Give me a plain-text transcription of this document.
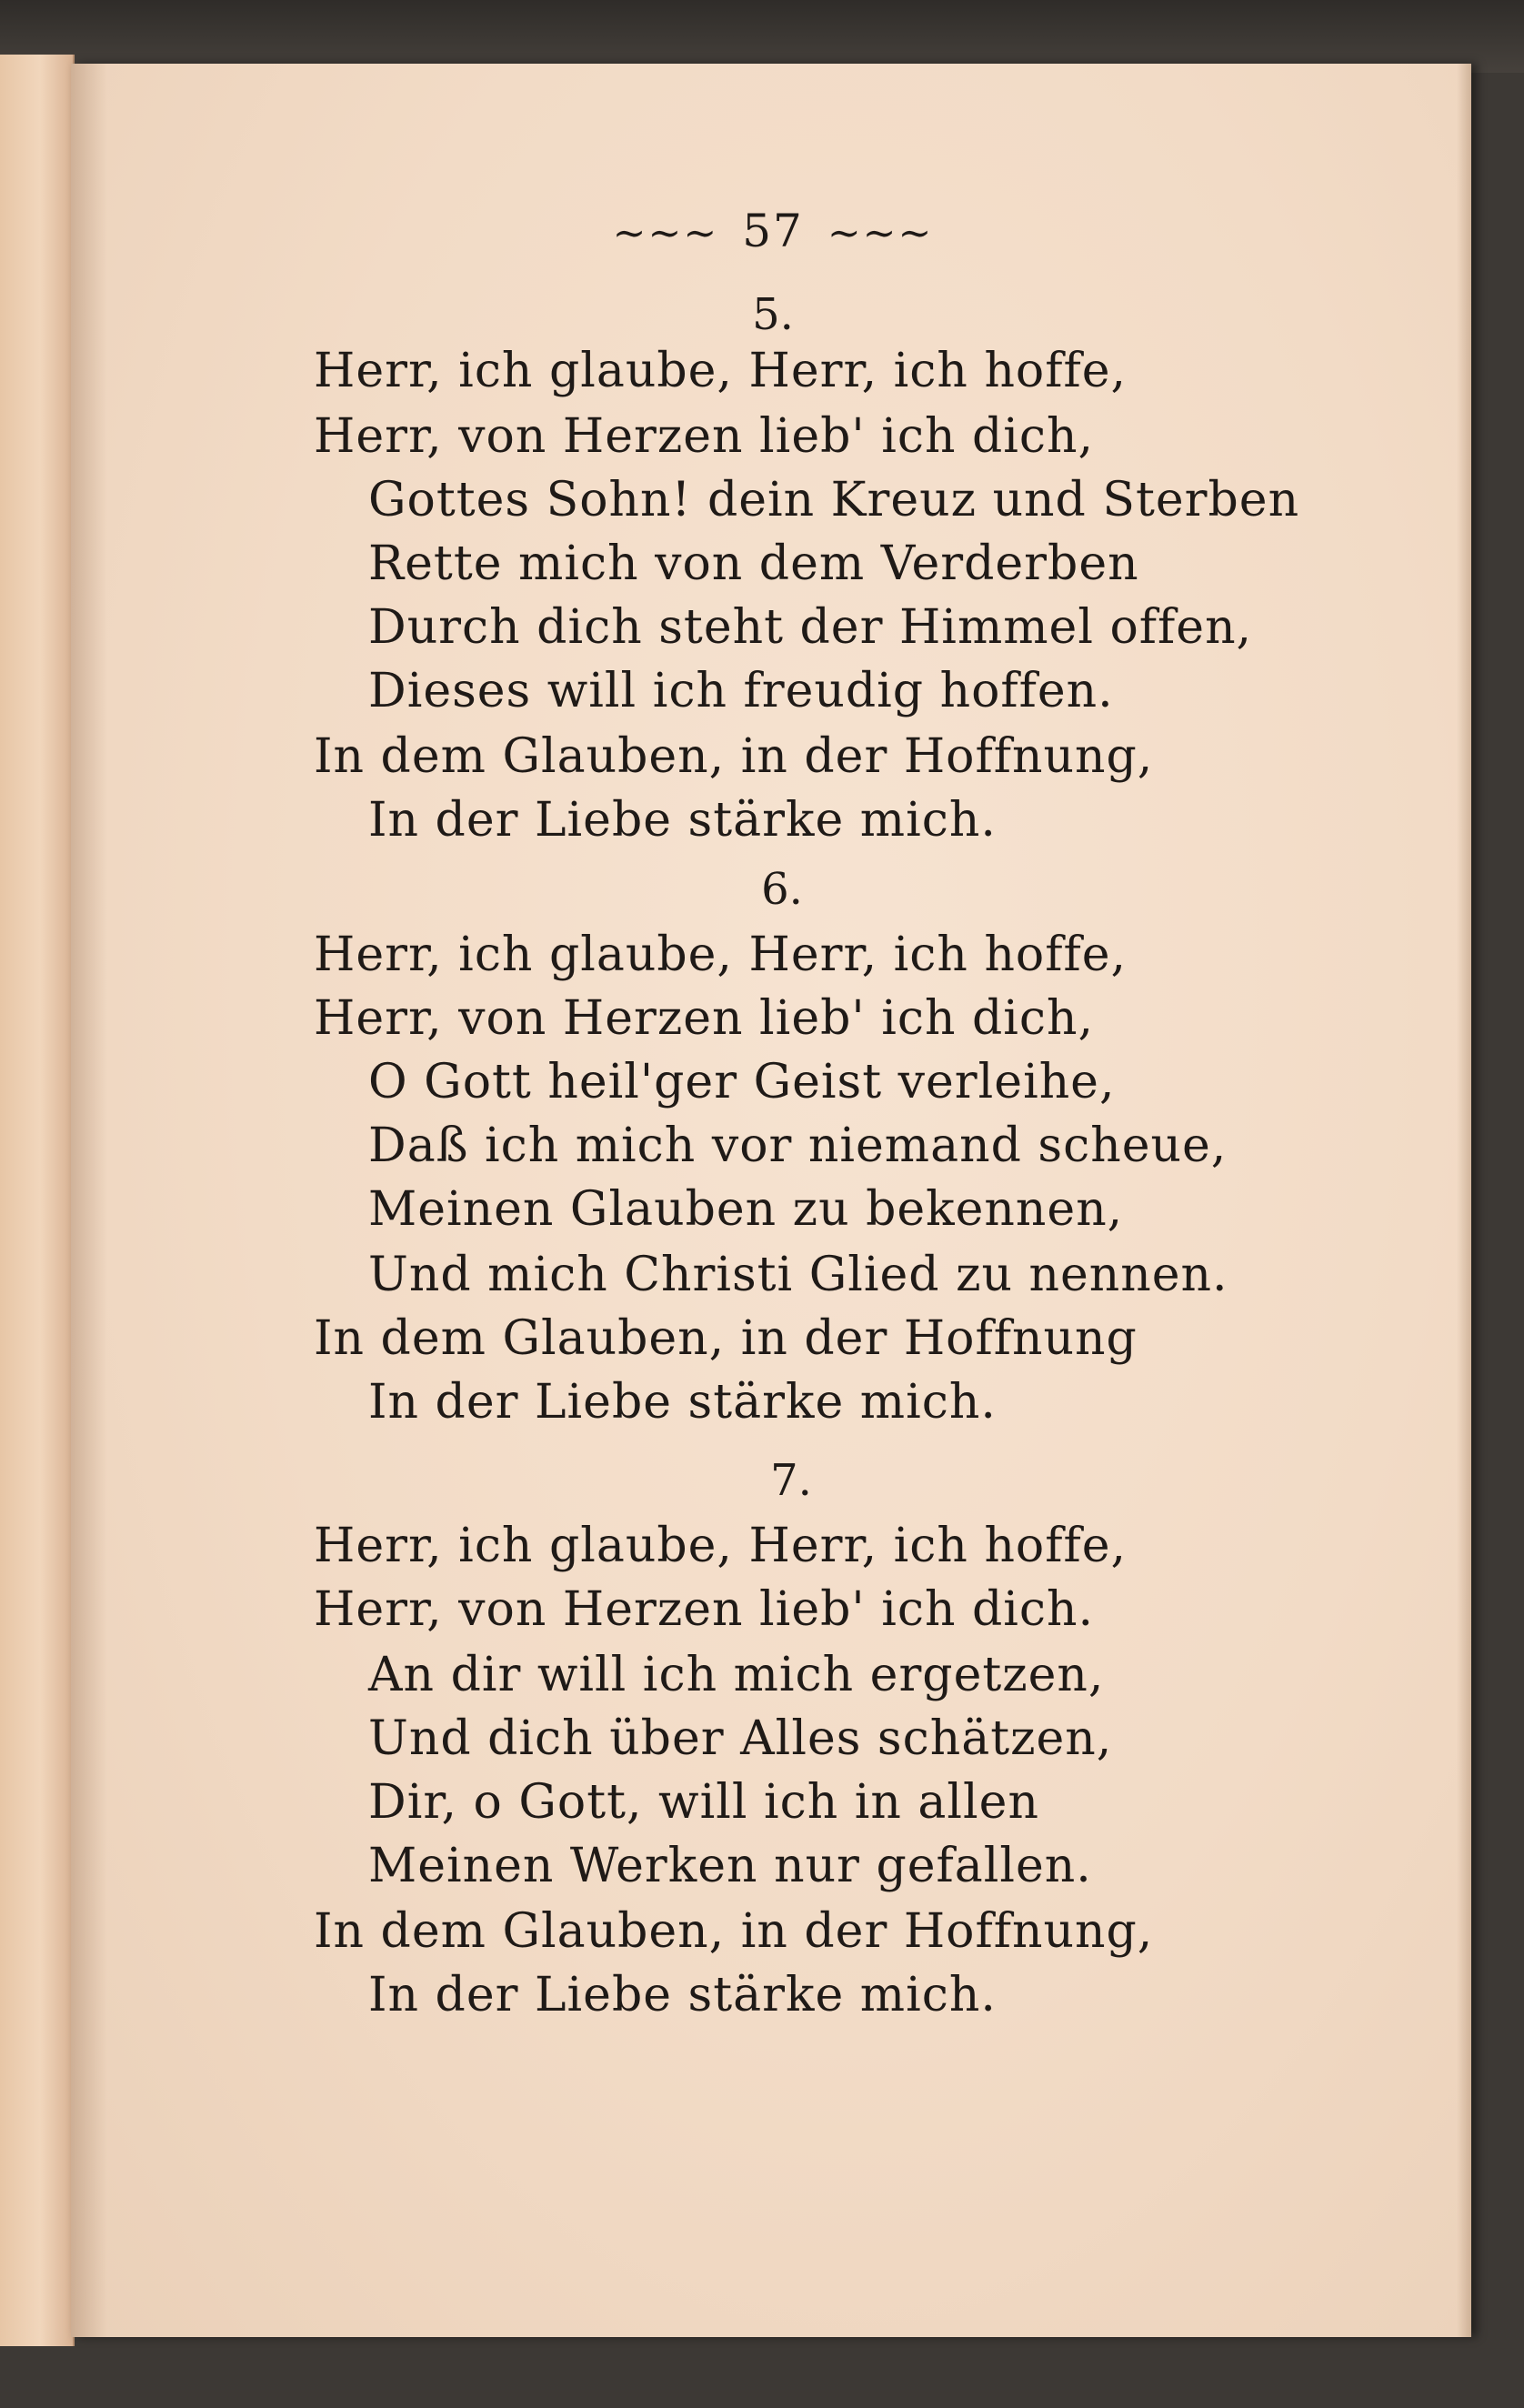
~~~ 57 ~~~
5.
Herr, ich glaube, Herr, ich hoffe,
Herr, von Herzen lieb' ich dich,
Gottes Sohn! dein Kreuz und Sterben
Rette mich von dem Verderben
Durch dich steht der Himmel offen,
Dieses will ich freudig hoffen.
In dem Glauben, in der Hoffnung,
In der Liebe stärke mich.
6.
Herr, ich glaube, Herr, ich hoffe,
Herr, von Herzen lieb' ich dich,
O Gott heil'ger Geist verleihe,
Daß ich mich vor niemand scheue,
Meinen Glauben zu bekennen,
Und mich Christi Glied zu nennen.
In dem Glauben, in der Hoffnung
In der Liebe stärke mich.
7.
Herr, ich glaube, Herr, ich hoffe,
Herr, von Herzen lieb' ich dich.
An dir will ich mich ergetzen,
Und dich über Alles schätzen,
Dir, o Gott, will ich in allen
Meinen Werken nur gefallen.
In dem Glauben, in der Hoffnung,
In der Liebe stärke mich.
